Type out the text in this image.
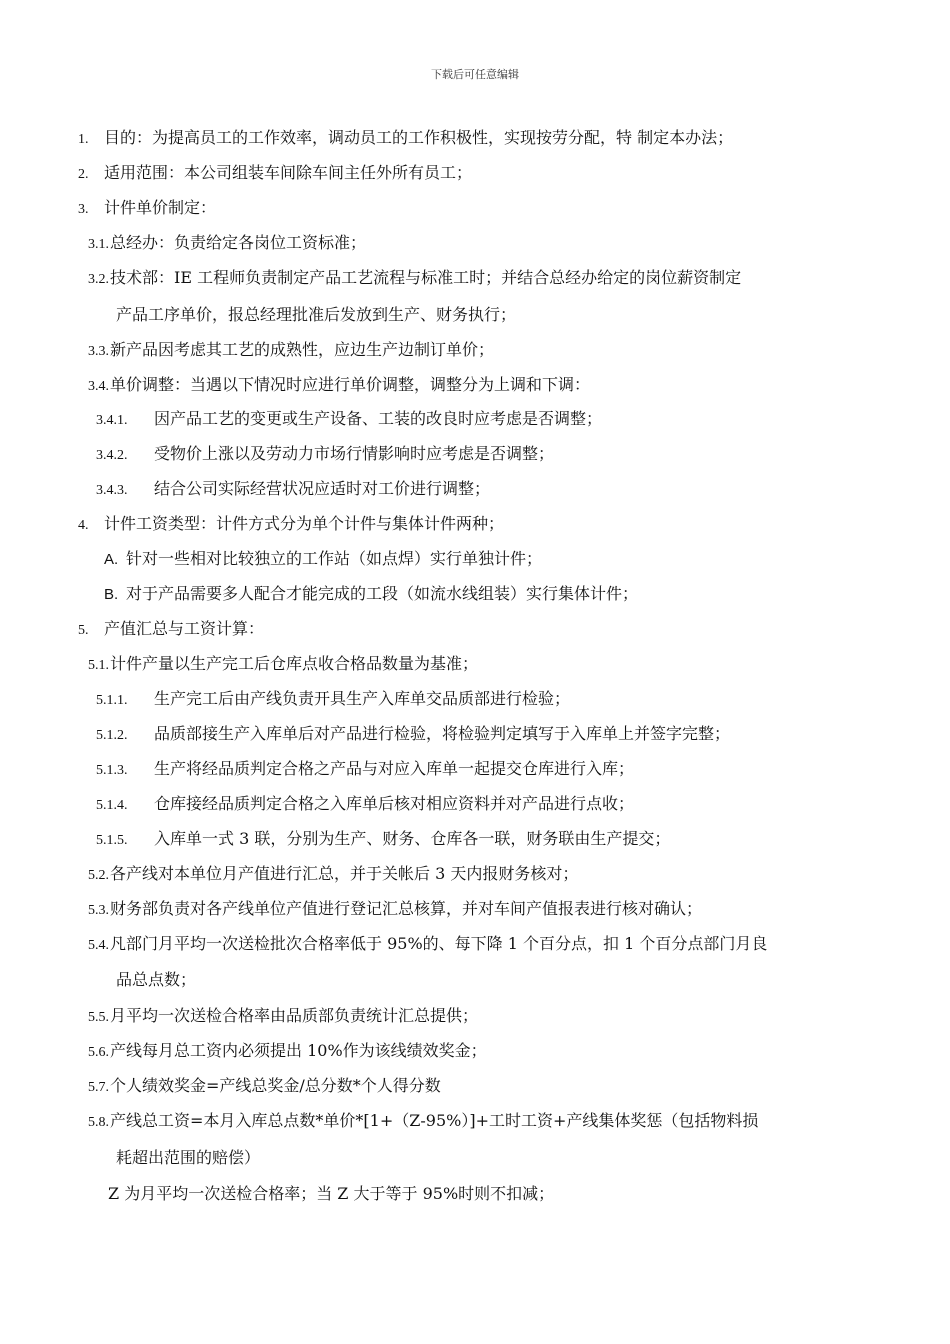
下载后可任意编辑
1. 目的：为提高员工的工作效率，调动员工的工作积极性，实现按劳分配，特 制定本办法；
2. 适用范围：本公司组装车间除车间主任外所有员工；
3. 计件单价制定：
3.1.总经办：负责给定各岗位工资标准；
3.2.技术部：IE 工程师负责制定产品工艺流程与标准工时；并结合总经办给定的岗位薪资制定
产品工序单价，报总经理批准后发放到生产、财务执行；
3.3.新产品因考虑其工艺的成熟性，应边生产边制订单价；
3.4.单价调整：当遇以下情况时应进行单价调整，调整分为上调和下调：
3.4.1. 因产品工艺的变更或生产设备、工装的改良时应考虑是否调整；
3.4.2. 受物价上涨以及劳动力市场行情影响时应考虑是否调整；
3.4.3. 结合公司实际经营状况应适时对工价进行调整；
4. 计件工资类型：计件方式分为单个计件与集体计件两种；
A. 针对一些相对比较独立的工作站（如点焊）实行单独计件；
B. 对于产品需要多人配合才能完成的工段（如流水线组装）实行集体计件；
5. 产值汇总与工资计算：
5.1.计件产量以生产完工后仓库点收合格品数量为基准；
5.1.1. 生产完工后由产线负责开具生产入库单交品质部进行检验；
5.1.2. 品质部接生产入库单后对产品进行检验，将检验判定填写于入库单上并签字完整；
5.1.3. 生产将经品质判定合格之产品与对应入库单一起提交仓库进行入库；
5.1.4. 仓库接经品质判定合格之入库单后核对相应资料并对产品进行点收；
5.1.5. 入库单一式 3 联，分别为生产、财务、仓库各一联，财务联由生产提交；
5.2.各产线对本单位月产值进行汇总，并于关帐后 3 天内报财务核对；
5.3.财务部负责对各产线单位产值进行登记汇总核算，并对车间产值报表进行核对确认；
5.4.凡部门月平均一次送检批次合格率低于 95%的、每下降 1 个百分点，扣 1 个百分点部门月良
品总点数；
5.5.月平均一次送检合格率由品质部负责统计汇总提供；
5.6.产线每月总工资内必须提出 10%作为该线绩效奖金；
5.7.个人绩效奖金=产线总奖金/总分数*个人得分数
5.8.产线总工资=本月入库总点数*单价*[1+（Z-95%）]+工时工资+产线集体奖惩（包括物料损
耗超出范围的赔偿）
Z 为月平均一次送检合格率；当 Z 大于等于 95%时则不扣减；
